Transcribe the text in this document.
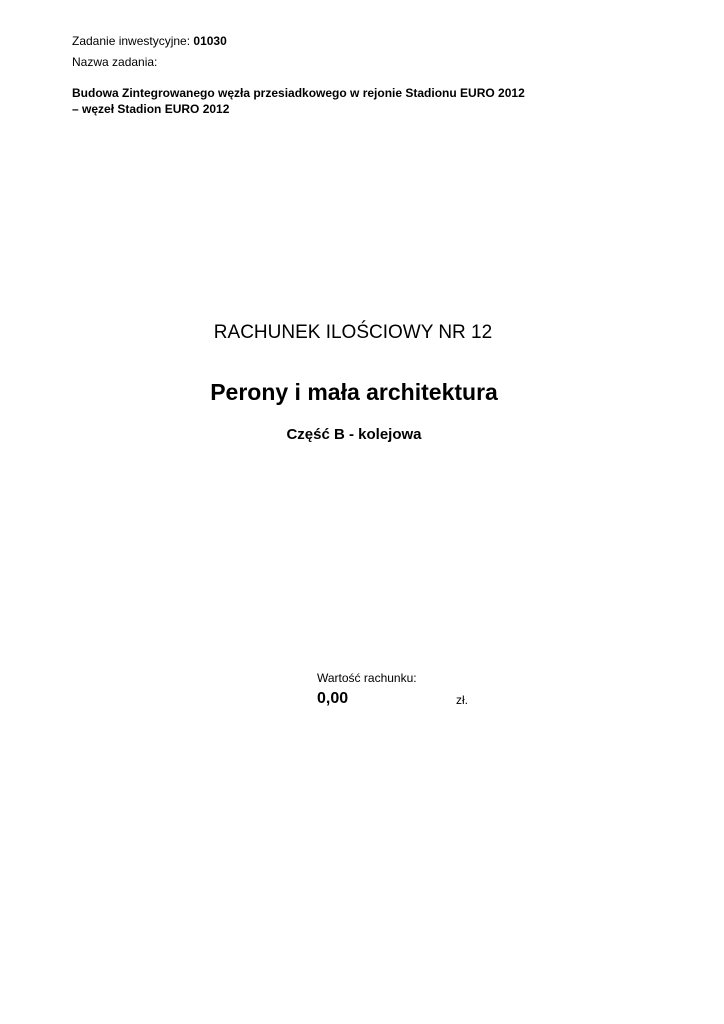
Zadanie inwestycyjne: 01030
Nazwa zadania:
Budowa Zintegrowanego węzła przesiadkowego w rejonie Stadionu EURO 2012
– węzeł Stadion EURO 2012
RACHUNEK ILOŚCIOWY NR 12
Perony i mała architektura
Część B - kolejowa
Wartość rachunku:
0,00	zł.
